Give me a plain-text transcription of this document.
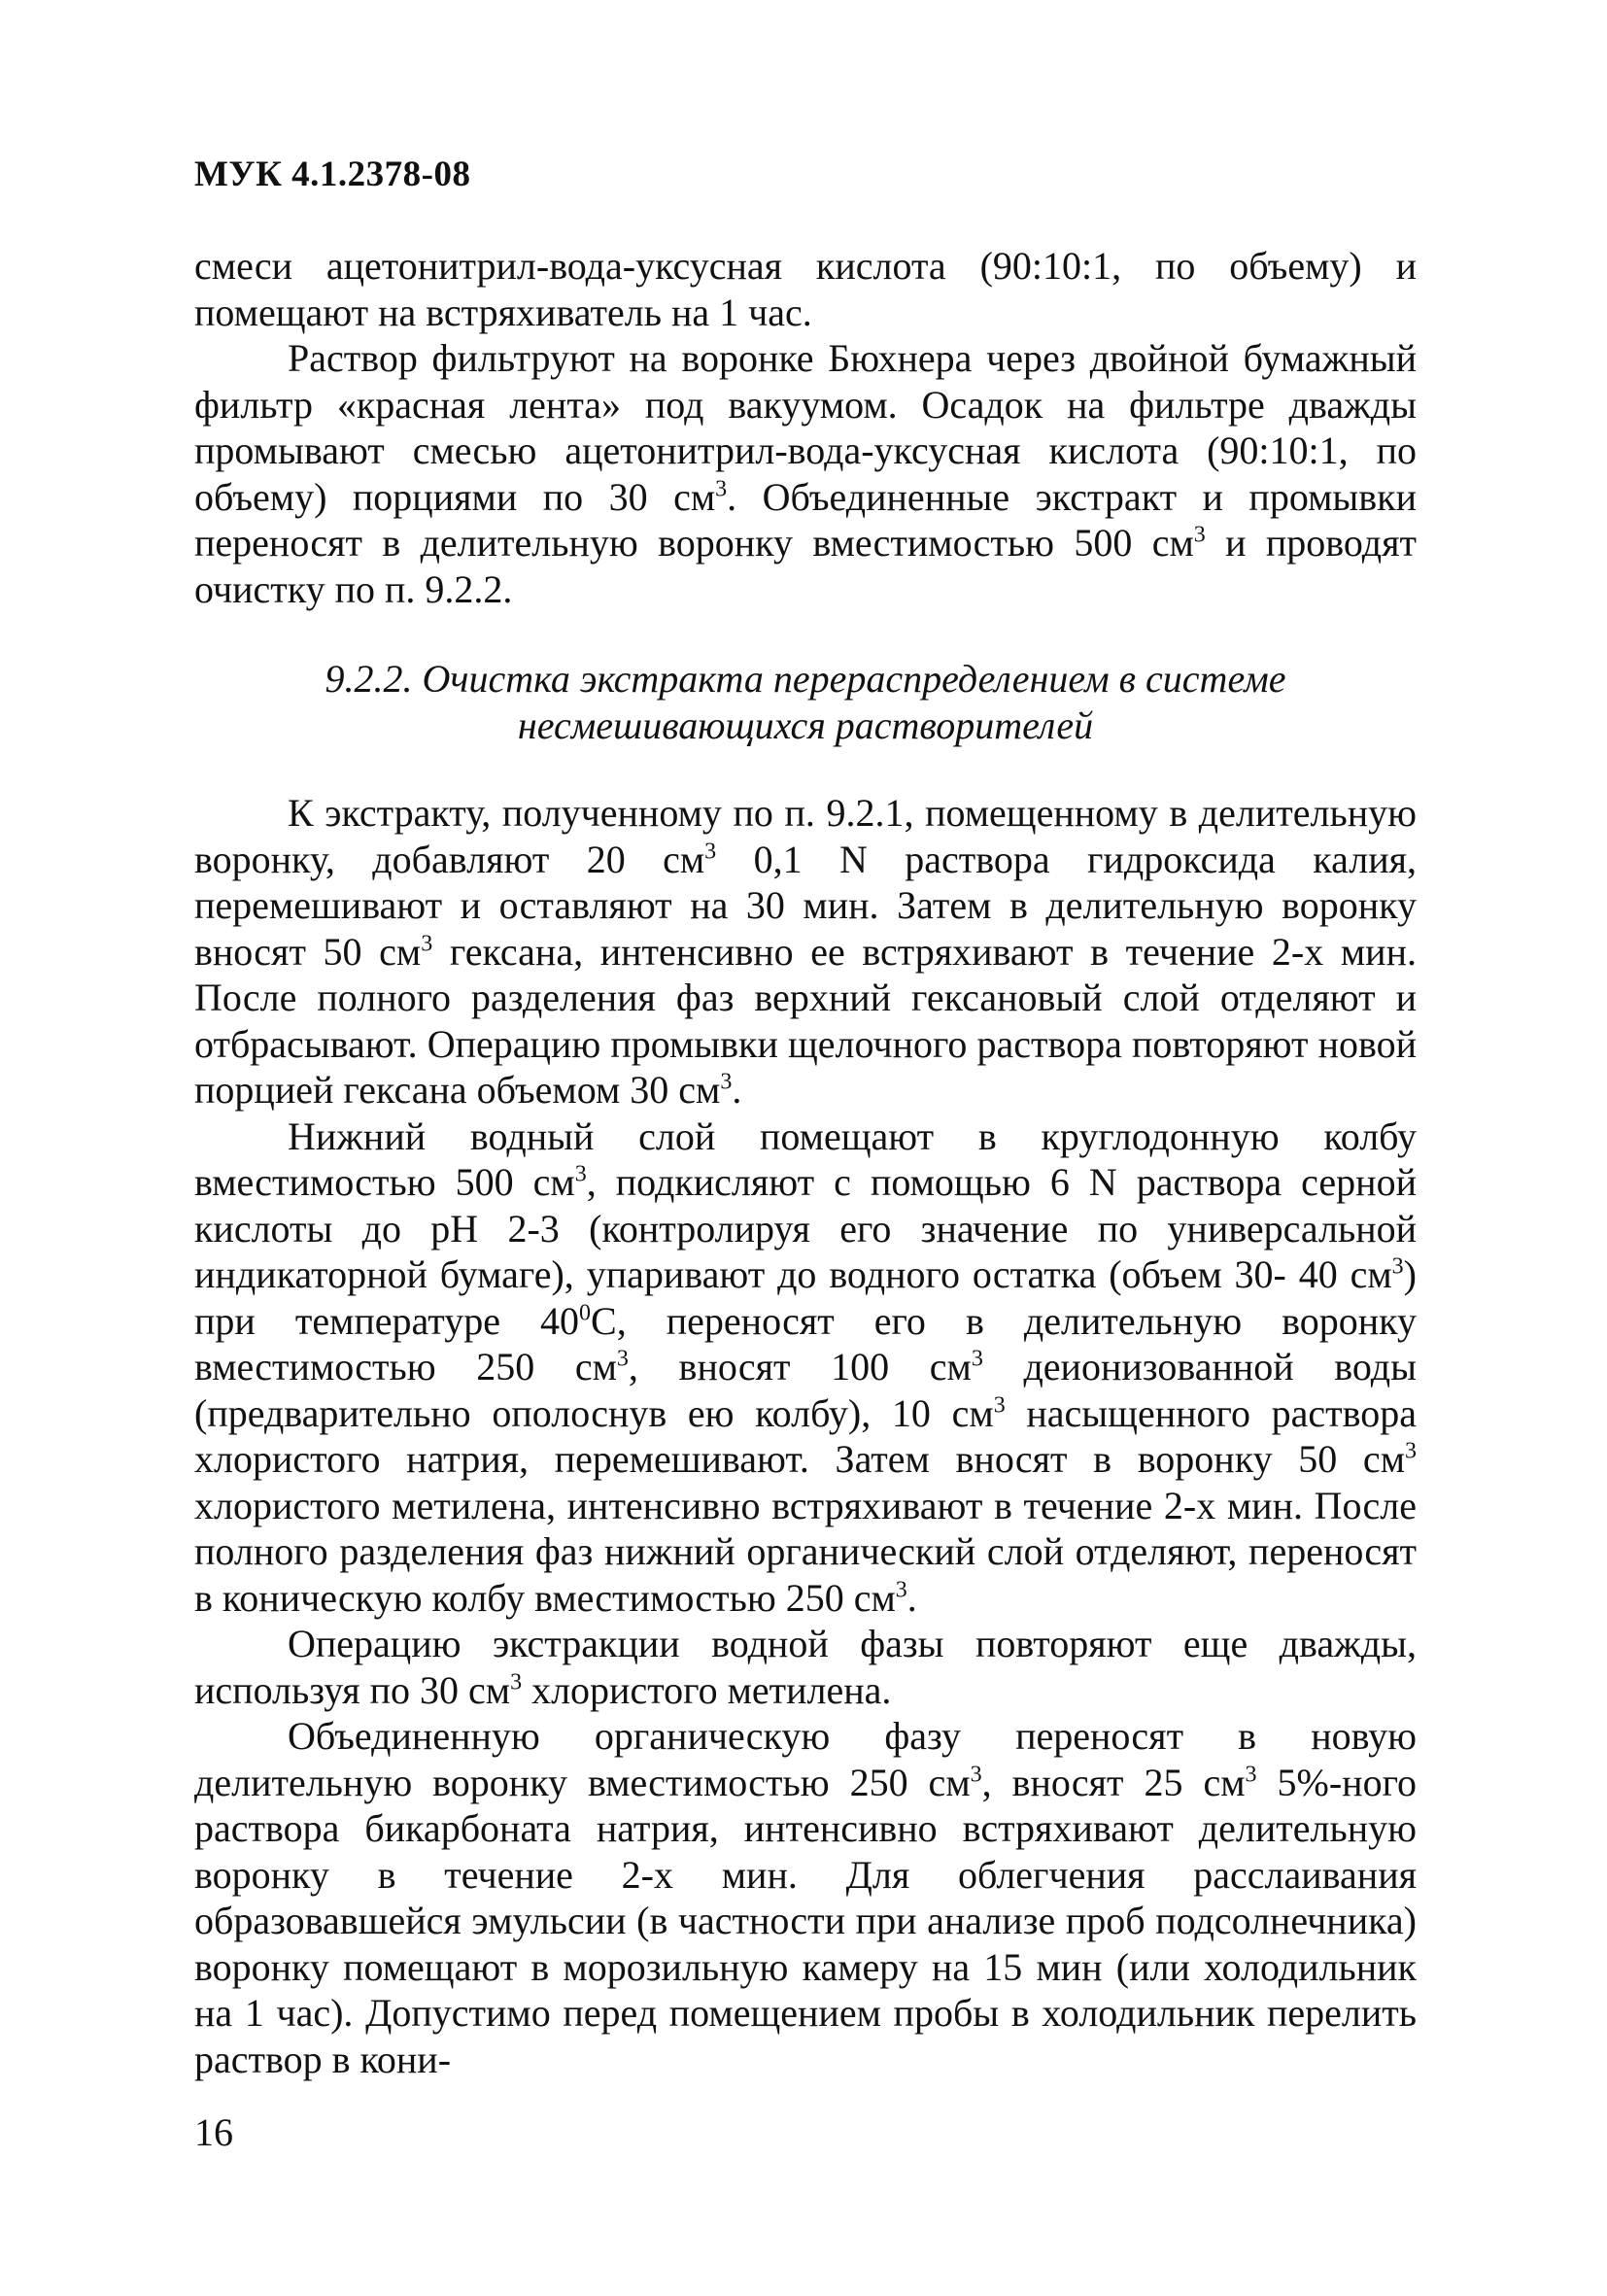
МУК 4.1.2378-08

смеси ацетонитрил-вода-уксусная кислота (90:10:1, по объему) и помещают на встряхиватель на 1 час.

Раствор фильтруют на воронке Бюхнера через двойной бумажный фильтр «красная лента» под вакуумом. Осадок на фильтре дважды промывают смесью ацетонитрил-вода-уксусная кислота (90:10:1, по объему) порциями по 30 $см^3$. Объединенные экстракт и промывки переносят в делительную воронку вместимостью 500 $см^3$ и проводят очистку по п. 9.2.2.

9.2.2. Очистка экстракта перераспределением в системе
несмешивающихся растворителей

К экстракту, полученному по п. 9.2.1, помещенному в делительную воронку, добавляют 20 $см^3$ 0,1 N раствора гидроксида калия, перемешивают и оставляют на 30 мин. Затем в делительную воронку вносят 50 $см^3$ гексана, интенсивно ее встряхивают в течение 2-х мин. После полного разделения фаз верхний гексановый слой отделяют и отбрасывают. Операцию промывки щелочного раствора повторяют новой порцией гексана объемом 30 $см^3$.

Нижний водный слой помещают в круглодонную колбу вместимостью 500 $см^3$, подкисляют с помощью 6 N раствора серной кислоты до pH 2-3 (контролируя его значение по универсальной индикаторной бумаге), упаривают до водного остатка (объем 30- 40 $см^3$) при температуре $40^0С$, переносят его в делительную воронку вместимостью 250 $см^3$, вносят 100 $см^3$ деионизованной воды (предварительно ополоснув ею колбу), 10 $см^3$ насыщенного раствора хлористого натрия, перемешивают. Затем вносят в воронку 50 $см^3$ хлористого метилена, интенсивно встряхивают в течение 2-х мин. После полного разделения фаз нижний органический слой отделяют, переносят в коническую колбу вместимостью 250 $см^3$.

Операцию экстракции водной фазы повторяют еще дважды, используя по 30 $см^3$ хлористого метилена.

Объединенную органическую фазу переносят в новую делительную воронку вместимостью 250 $см^3$, вносят 25 $см^3$ 5%-ного раствора бикарбоната натрия, интенсивно встряхивают делительную воронку в течение 2-х мин. Для облегчения расслаивания образовавшейся эмульсии (в частности при анализе проб подсолнечника) воронку помещают в морозильную камеру на 15 мин (или холодильник на 1 час). Допустимо перед помещением пробы в холодильник перелить раствор в кони-

16
